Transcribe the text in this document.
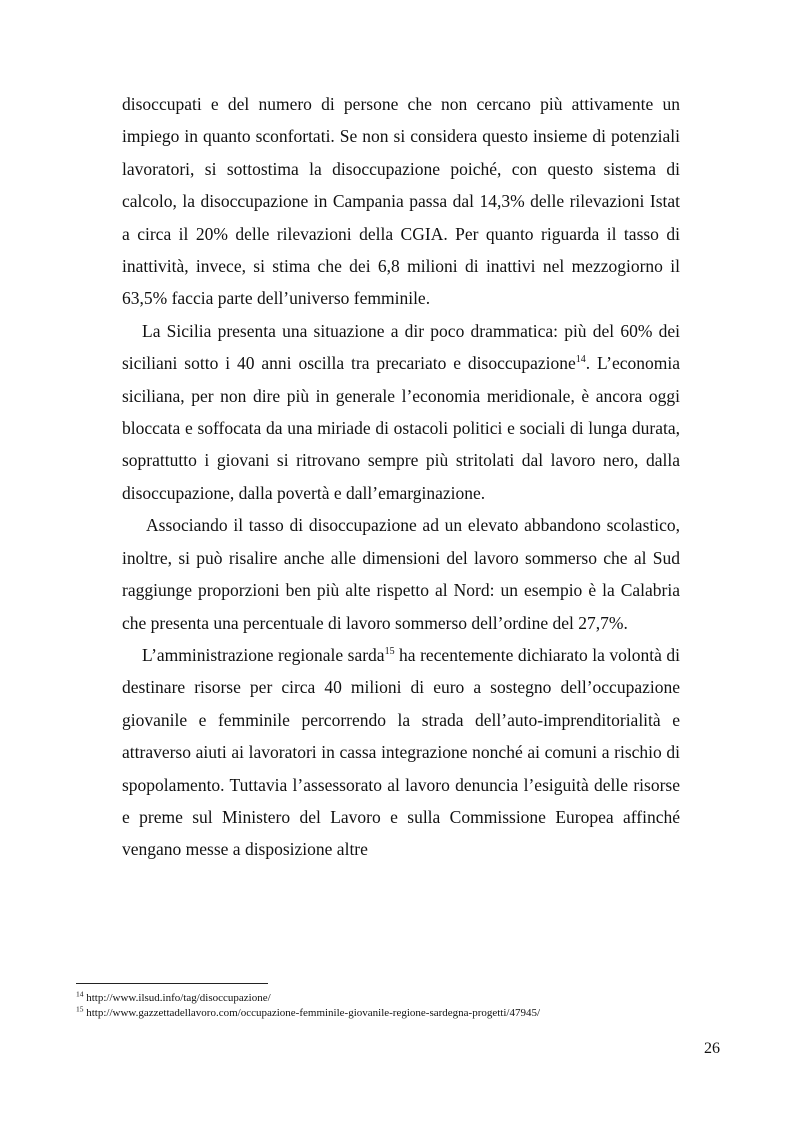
disoccupati e del numero di persone che non cercano più attivamente un impiego in quanto sconfortati. Se non si considera questo insieme di potenziali lavoratori, si sottostima la disoccupazione poiché, con questo sistema di calcolo, la disoccupazione in Campania passa dal 14,3% delle rilevazioni Istat a circa il 20% delle rilevazioni della CGIA. Per quanto riguarda il tasso di inattività, invece, si stima che dei 6,8 milioni di inattivi nel mezzogiorno il 63,5% faccia parte dell’universo femminile.

La Sicilia presenta una situazione a dir poco drammatica: più del 60% dei siciliani sotto i 40 anni oscilla tra precariato e disoccupazione$^{14}$. L’economia siciliana, per non dire più in generale l’economia meridionale, è ancora oggi bloccata e soffocata da una miriade di ostacoli politici e sociali di lunga durata, soprattutto i giovani si ritrovano sempre più stritolati dal lavoro nero, dalla disoccupazione, dalla povertà e dall’emarginazione.

Associando il tasso di disoccupazione ad un elevato abbandono scolastico, inoltre, si può risalire anche alle dimensioni del lavoro sommerso che al Sud raggiunge proporzioni ben più alte rispetto al Nord: un esempio è la Calabria che presenta una percentuale di lavoro sommerso dell’ordine del 27,7%.

L’amministrazione regionale sarda$^{15}$ ha recentemente dichiarato la volontà di destinare risorse per circa 40 milioni di euro a sostegno dell’occupazione giovanile e femminile percorrendo la strada dell’auto-imprenditorialità e attraverso aiuti ai lavoratori in cassa integrazione nonché ai comuni a rischio di spopolamento. Tuttavia l’assessorato al lavoro denuncia l’esiguità delle risorse e preme sul Ministero del Lavoro e sulla Commissione Europea affinché vengano messe a disposizione altre

$^{14}$ http://www.ilsud.info/tag/disoccupazione/

$^{15}$ http://www.gazzettadellavoro.com/occupazione-femminile-giovanile-regione-sardegna-progetti/47945/

26
